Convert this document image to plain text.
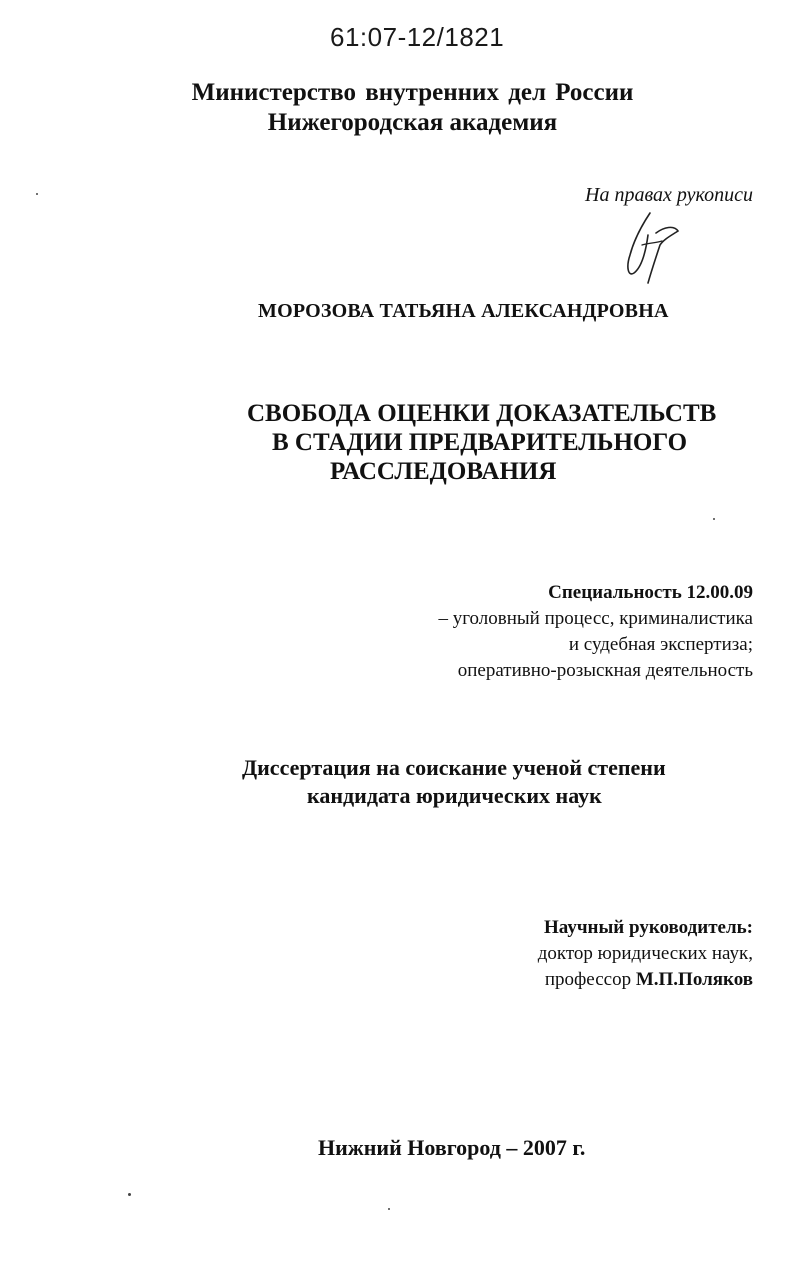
61:07-12/1821
Министерство внутренних дел России
Нижегородская академия
На правах рукописи
МОРОЗОВА ТАТЬЯНА АЛЕКСАНДРОВНА
СВОБОДА ОЦЕНКИ ДОКАЗАТЕЛЬСТВ
В СТАДИИ ПРЕДВАРИТЕЛЬНОГО
РАССЛЕДОВАНИЯ
Специальность 12.00.09
– уголовный процесс, криминалистика
и судебная экспертиза;
оперативно-розыскная деятельность
Диссертация на соискание ученой степени
кандидата юридических наук
Научный руководитель:
доктор юридических наук,
профессор М.П.Поляков
Нижний Новгород – 2007 г.
